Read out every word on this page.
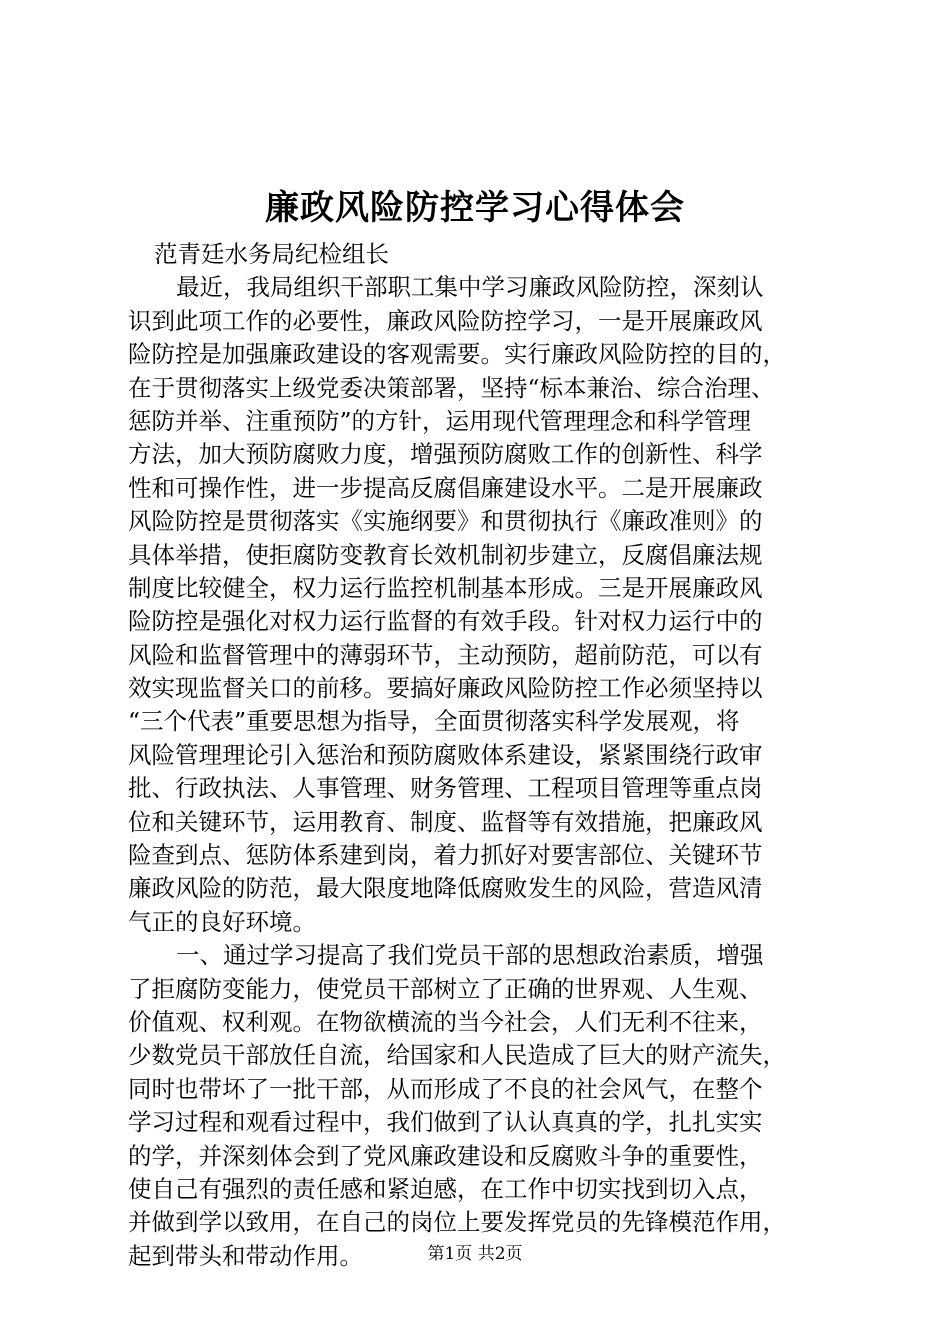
廉政风险防控学习心得体会
范青廷水务局纪检组长
最近，我局组织干部职工集中学习廉政风险防控，深刻认
识到此项工作的必要性，廉政风险防控学习，一是开展廉政风
险防控是加强廉政建设的客观需要。实行廉政风险防控的目的，
在于贯彻落实上级党委决策部署，坚持“标本兼治、综合治理、
惩防并举、注重预防”的方针，运用现代管理理念和科学管理
方法，加大预防腐败力度，增强预防腐败工作的创新性、科学
性和可操作性，进一步提高反腐倡廉建设水平。二是开展廉政
风险防控是贯彻落实《实施纲要》和贯彻执行《廉政准则》的
具体举措，使拒腐防变教育长效机制初步建立，反腐倡廉法规
制度比较健全，权力运行监控机制基本形成。三是开展廉政风
险防控是强化对权力运行监督的有效手段。针对权力运行中的
风险和监督管理中的薄弱环节，主动预防，超前防范，可以有
效实现监督关口的前移。要搞好廉政风险防控工作必须坚持以
“三个代表”重要思想为指导，全面贯彻落实科学发展观，将
风险管理理论引入惩治和预防腐败体系建设，紧紧围绕行政审
批、行政执法、人事管理、财务管理、工程项目管理等重点岗
位和关键环节，运用教育、制度、监督等有效措施，把廉政风
险查到点、惩防体系建到岗，着力抓好对要害部位、关键环节
廉政风险的防范，最大限度地降低腐败发生的风险，营造风清
气正的良好环境。
一、通过学习提高了我们党员干部的思想政治素质，增强
了拒腐防变能力，使党员干部树立了正确的世界观、人生观、
价值观、权利观。在物欲横流的当今社会，人们无利不往来，
少数党员干部放任自流，给国家和人民造成了巨大的财产流失，
同时也带坏了一批干部，从而形成了不良的社会风气，在整个
学习过程和观看过程中，我们做到了认认真真的学，扎扎实实
的学，并深刻体会到了党风廉政建设和反腐败斗争的重要性，
使自己有强烈的责任感和紧迫感，在工作中切实找到切入点，
并做到学以致用，在自己的岗位上要发挥党员的先锋模范作用，
起到带头和带动作用。	第1页 共2页
